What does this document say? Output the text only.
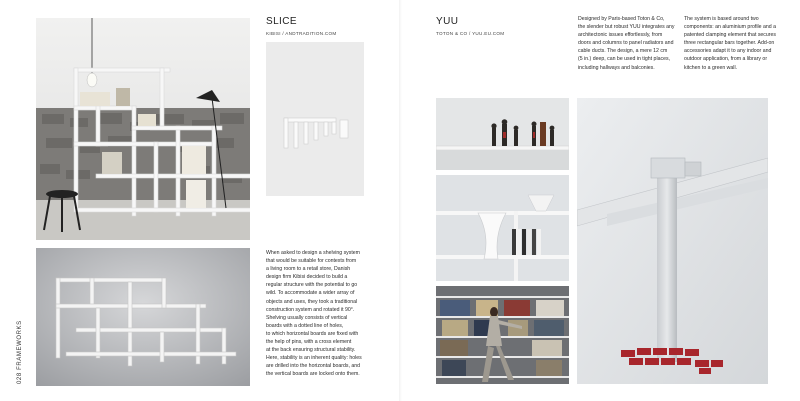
SLICE
KIBISI / ANDTRADITION.COM
When asked to design a shelving system
that would be suitable for contexts from
a living room to a retail store, Danish
design firm Kibisi decided to build a
regular structure with the potential to go
wild. To accommodate a wider array of
objects and uses, they took a traditional
construction system and rotated it 90°.
Shelving usually consists of vertical
boards with a dotted line of holes,
to which horizontal boards are fixed with
the help of pins, with a cross element
at the back ensuring structural stability.
Here, stability is an inherent quality: holes
are drilled into the horizontal boards, and
the vertical boards are locked onto them.
028 FRAMEWORKS
YUU
TOTON & CO / YUU.EU.COM
Designed by Paris-based Toton & Co,
the slender but robust YUU integrates any
architectonic issues effortlessly, from
doors and columns to panel radiators and
cable ducts. The design, a mere 12 cm
(5 in.) deep, can be used in tight places,
including hallways and balconies.
The system is based around two
components: an aluminium profile and a
patented clamping element that secures
three rectangular bars together. Add-on
accessories adapt it to any indoor and
outdoor application, from a library or
kitchen to a green wall.
